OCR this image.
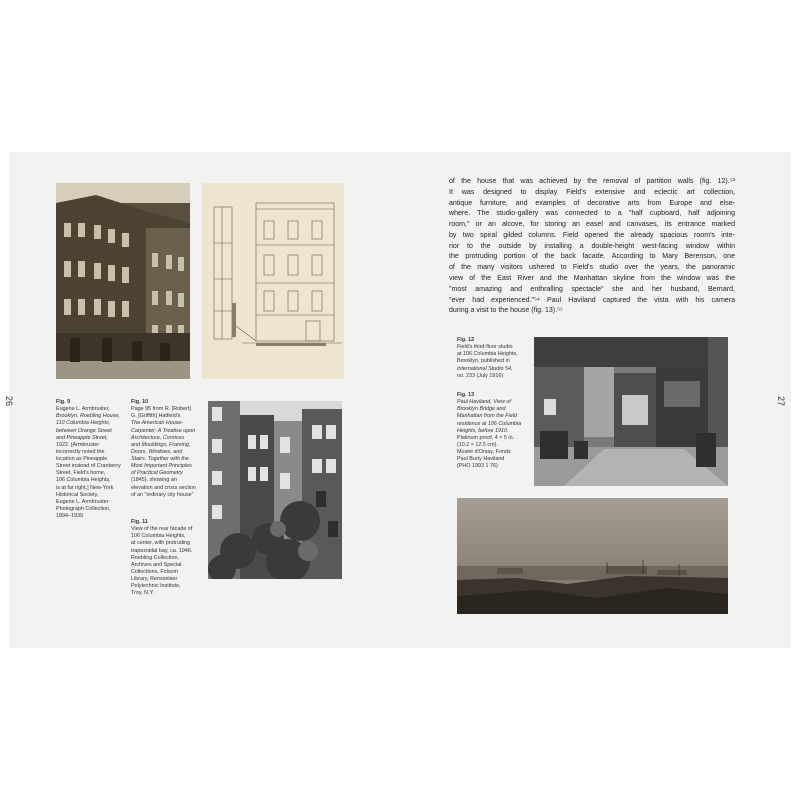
26	Fig. 9
Eugene L. Armbruster,
Brooklyn. Roebling House,
110 Columbia Heights,
between Orange Street
and Pineapple Street,
1922. [Armbruster
incorrectly noted the
location as Pineapple
Street instead of Cranberry
Street. Field's home,
106 Columbia Heights,
is at far right.] New-York
Historical Society,
Eugene L. Armbruster
Photograph Collection,
1894–1939
Fig. 10
Page 95 from R. [Robert]
G. [Griffith] Hatfield's
The American House-
Carpenter: A Treatise upon
Architecture, Cornices
and Mouldings, Framing,
Doors, Windows, and
Stairs. Together with the
Most Important Principles
of Practical Geometry
(1845), showing an
elevation and cross section
of an "ordinary city house"
Fig. 11
View of the rear facade of
106 Columbia Heights,
at center, with protruding
trapezoidal bay, ca. 1946.
Roebling Collection,
Archives and Special
Collections, Folsom
Library, Rensselaer
Polytechnic Institute,
Troy, N.Y.
of the house that was achieved by the removal of partition walls (fig. 12).⁵³
It was designed to display Field's extensive and eclectic art collection,
antique furniture, and examples of decorative arts from Europe and else-
where. The studio-gallery was connected to a "half cupboard, half adjoining
room," or an alcove, for storing an easel and canvases, its entrance marked
by two spiral gilded columns. Field opened the already spacious room's inte-
rior to the outside by installing a double-height west-facing window within
the protruding portion of the back facade. According to Mary Berenson, one
of the many visitors ushered to Field's studio over the years, the panoramic
view of the East River and the Manhattan skyline from the window was the
"most amazing and enthralling spectacle" she and her husband, Bernard,
"ever had experienced."⁵⁴ Paul Haviland captured the vista with his camera
during a visit to the house (fig. 13).⁵⁵
Fig. 12
Field's third-floor studio
at 106 Columbia Heights,
Brooklyn, published in
International Studio 54,
no. 233 (July 1916)
Fig. 13
Paul Haviland, View of
Brooklyn Bridge and
Manhattan from the Field
residence at 106 Columbia
Heights, before 1910.
Platinum proof, 4 × 5 in.
(10.2 × 12.5 cm).
Musée d'Orsay, Fonds
Paul Burty Haviland
(PHO 1993 1 76)
27
